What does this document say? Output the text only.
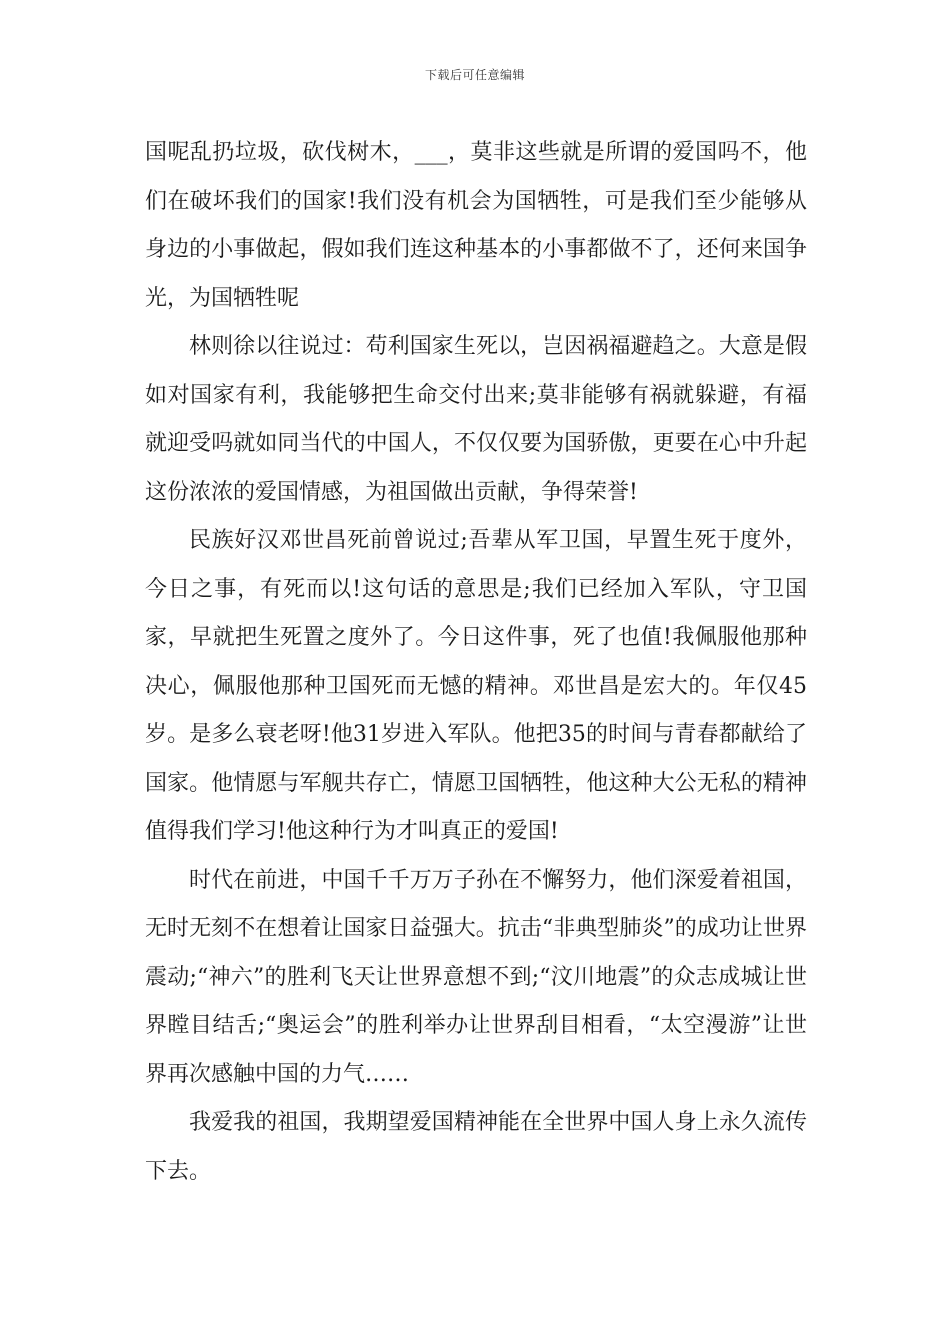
下载后可任意编辑

国呢乱扔垃圾，砍伐树木，___，莫非这些就是所谓的爱国吗不，他们在破坏我们的国家!我们没有机会为国牺牲，可是我们至少能够从身边的小事做起，假如我们连这种基本的小事都做不了，还何来国争光，为国牺牲呢

林则徐以往说过：苟利国家生死以，岂因祸福避趋之。大意是假如对国家有利，我能够把生命交付出来;莫非能够有祸就躲避，有福就迎受吗就如同当代的中国人，不仅仅要为国骄傲，更要在心中升起这份浓浓的爱国情感，为祖国做出贡献，争得荣誉!

民族好汉邓世昌死前曾说过;吾辈从军卫国，早置生死于度外，今日之事，有死而以!这句话的意思是;我们已经加入军队，守卫国家，早就把生死置之度外了。今日这件事，死了也值!我佩服他那种决心，佩服他那种卫国死而无憾的精神。邓世昌是宏大的。年仅45岁。是多么衰老呀!他31岁进入军队。他把35的时间与青春都献给了国家。他情愿与军舰共存亡，情愿卫国牺牲，他这种大公无私的精神值得我们学习!他这种行为才叫真正的爱国!

时代在前进，中国千千万万子孙在不懈努力，他们深爱着祖国，无时无刻不在想着让国家日益强大。抗击“非典型肺炎”的成功让世界震动;“神六”的胜利飞天让世界意想不到;“汶川地震”的众志成城让世界瞠目结舌;“奥运会”的胜利举办让世界刮目相看，“太空漫游”让世界再次感触中国的力气……

我爱我的祖国，我期望爱国精神能在全世界中国人身上永久流传下去。
